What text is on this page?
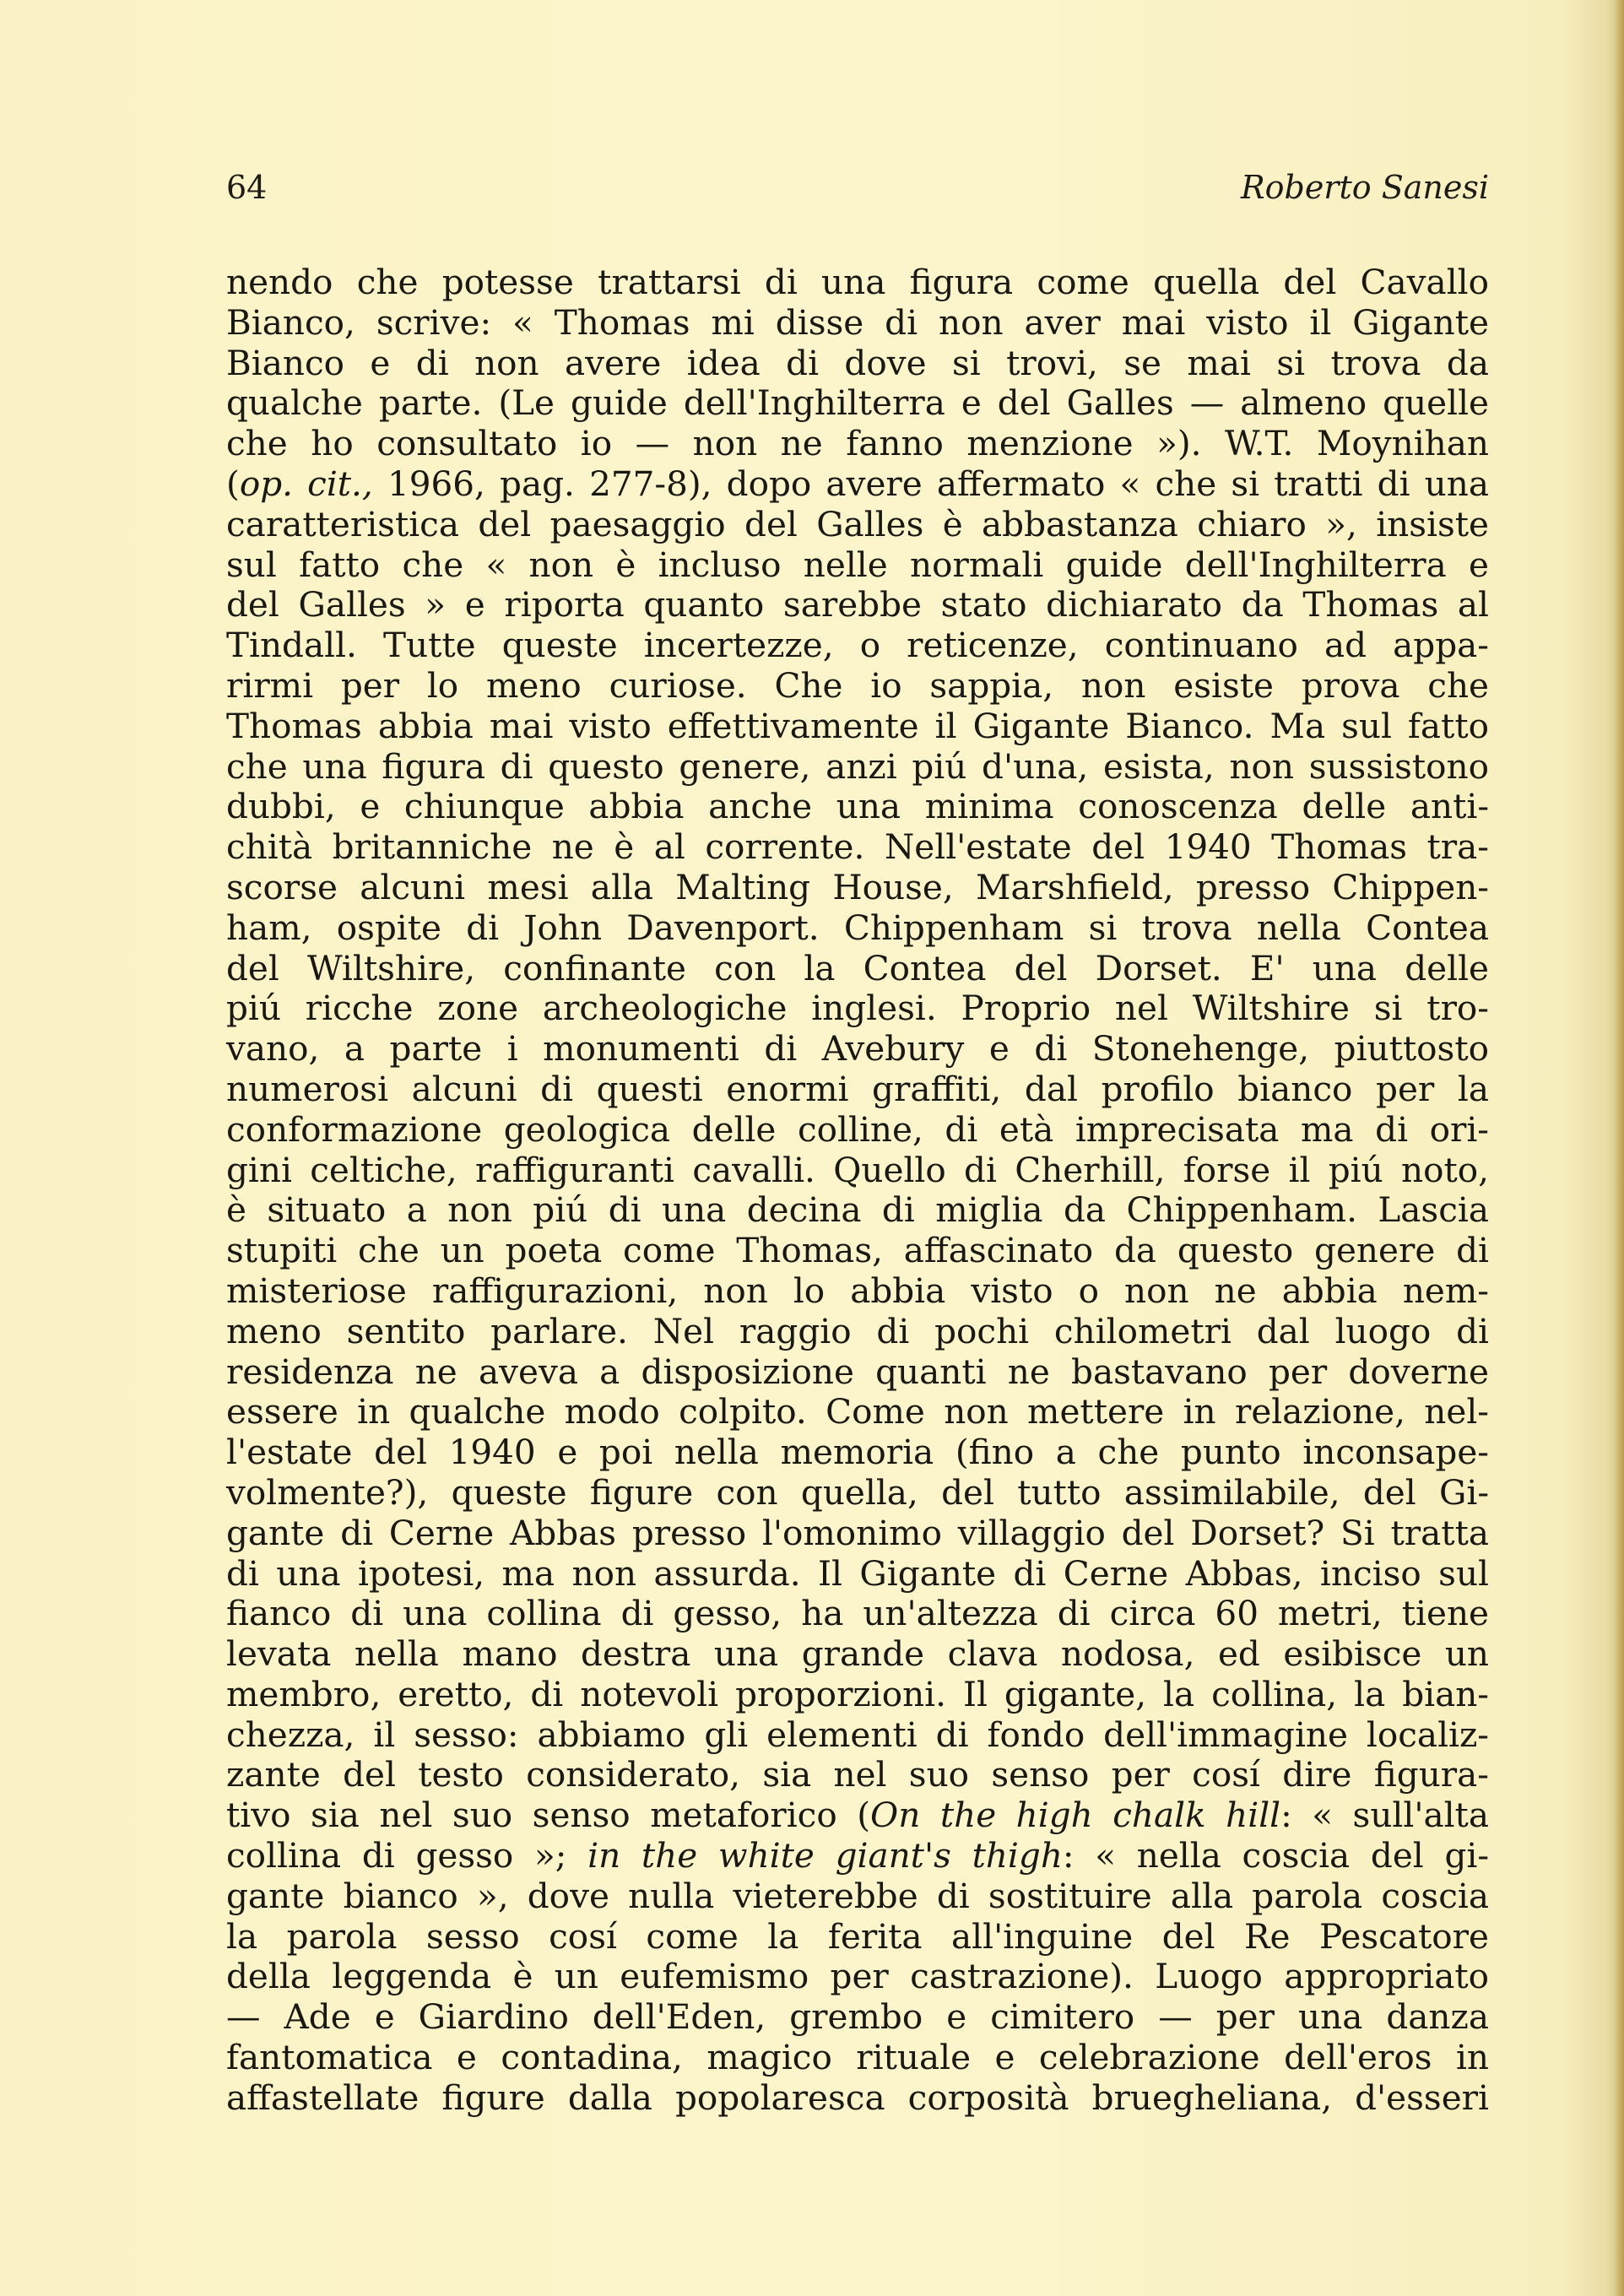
64	Roberto Sanesi
nendo che potesse trattarsi di una figura come quella del Cavallo
Bianco, scrive: « Thomas mi disse di non aver mai visto il Gigante
Bianco e di non avere idea di dove si trovi, se mai si trova da
qualche parte. (Le guide dell'Inghilterra e del Galles — almeno quelle
che ho consultato io — non ne fanno menzione »). W.T. Moynihan
(op. cit., 1966, pag. 277-8), dopo avere affermato « che si tratti di una
caratteristica del paesaggio del Galles è abbastanza chiaro », insiste
sul fatto che « non è incluso nelle normali guide dell'Inghilterra e
del Galles » e riporta quanto sarebbe stato dichiarato da Thomas al
Tindall. Tutte queste incertezze, o reticenze, continuano ad appa-
rirmi per lo meno curiose. Che io sappia, non esiste prova che
Thomas abbia mai visto effettivamente il Gigante Bianco. Ma sul fatto
che una figura di questo genere, anzi piú d'una, esista, non sussistono
dubbi, e chiunque abbia anche una minima conoscenza delle anti-
chità britanniche ne è al corrente. Nell'estate del 1940 Thomas tra-
scorse alcuni mesi alla Malting House, Marshfield, presso Chippen-
ham, ospite di John Davenport. Chippenham si trova nella Contea
del Wiltshire, confinante con la Contea del Dorset. E' una delle
piú ricche zone archeologiche inglesi. Proprio nel Wiltshire si tro-
vano, a parte i monumenti di Avebury e di Stonehenge, piuttosto
numerosi alcuni di questi enormi graffiti, dal profilo bianco per la
conformazione geologica delle colline, di età imprecisata ma di ori-
gini celtiche, raffiguranti cavalli. Quello di Cherhill, forse il piú noto,
è situato a non piú di una decina di miglia da Chippenham. Lascia
stupiti che un poeta come Thomas, affascinato da questo genere di
misteriose raffigurazioni, non lo abbia visto o non ne abbia nem-
meno sentito parlare. Nel raggio di pochi chilometri dal luogo di
residenza ne aveva a disposizione quanti ne bastavano per doverne
essere in qualche modo colpito. Come non mettere in relazione, nel-
l'estate del 1940 e poi nella memoria (fino a che punto inconsape-
volmente?), queste figure con quella, del tutto assimilabile, del Gi-
gante di Cerne Abbas presso l'omonimo villaggio del Dorset? Si tratta
di una ipotesi, ma non assurda. Il Gigante di Cerne Abbas, inciso sul
fianco di una collina di gesso, ha un'altezza di circa 60 metri, tiene
levata nella mano destra una grande clava nodosa, ed esibisce un
membro, eretto, di notevoli proporzioni. Il gigante, la collina, la bian-
chezza, il sesso: abbiamo gli elementi di fondo dell'immagine localiz-
zante del testo considerato, sia nel suo senso per cosí dire figura-
tivo sia nel suo senso metaforico (On the high chalk hill: « sull'alta
collina di gesso »; in the white giant's thigh: « nella coscia del gi-
gante bianco », dove nulla vieterebbe di sostituire alla parola coscia
la parola sesso cosí come la ferita all'inguine del Re Pescatore
della leggenda è un eufemismo per castrazione). Luogo appropriato
— Ade e Giardino dell'Eden, grembo e cimitero — per una danza
fantomatica e contadina, magico rituale e celebrazione dell'eros in
affastellate figure dalla popolaresca corposità bruegheliana, d'esseri
